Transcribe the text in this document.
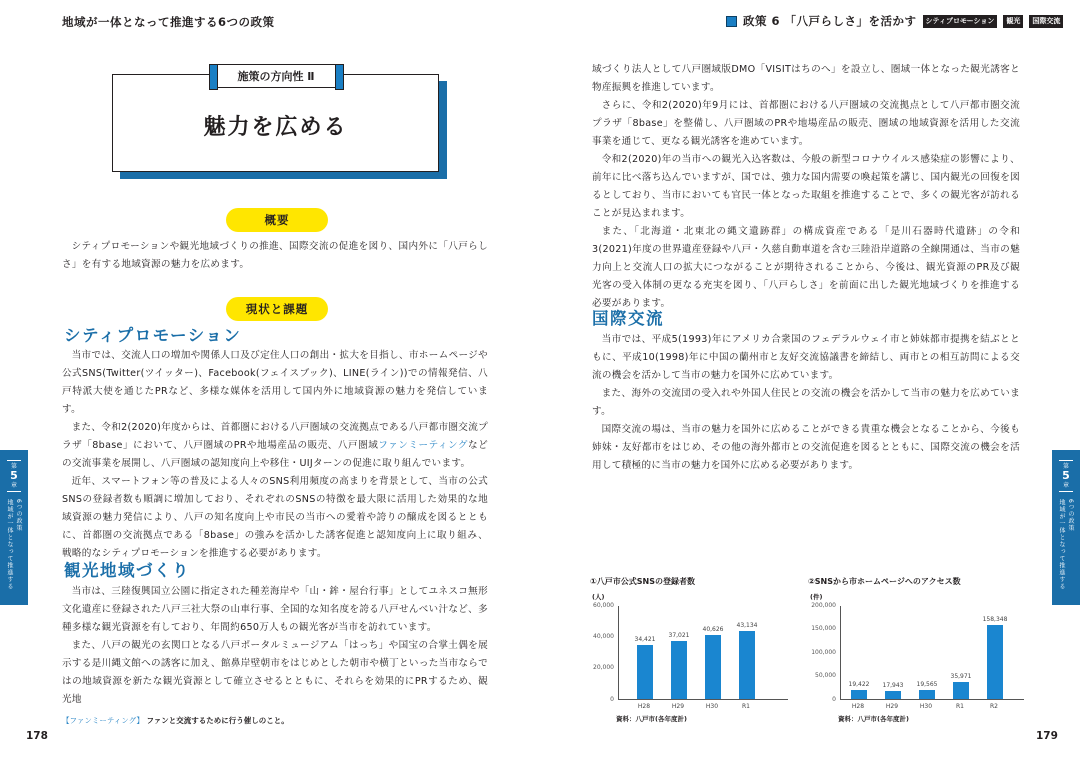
地域が一体となって推進する6つの政策
施策の方向性 Ⅱ
魅力を広める
概要

シティプロモーションや観光地域づくりの推進、国際交流の促進を図り、国内外に「八戸らしさ」を有する地域資源の魅力を広めます。

現状と課題
シティプロモーション

当市では、交流人口の増加や関係人口及び定住人口の創出・拡大を目指し、市ホームページや公式SNS(Twitter(ツイッター)、Facebook(フェイスブック)、LINE(ライン))での情報発信、八戸特派大使を通じたPRなど、多様な媒体を活用して国内外に地域資源の魅力を発信しています。

また、令和2(2020)年度からは、首都圏における八戸圏域の交流拠点である八戸都市圏交流プラザ「8base」において、八戸圏域のPRや地場産品の販売、八戸圏域ファンミーティングなどの交流事業を展開し、八戸圏域の認知度向上や移住・UIJターンの促進に取り組んでいます。

近年、スマートフォン等の普及による人々のSNS利用頻度の高まりを背景として、当市の公式SNSの登録者数も順調に増加しており、それぞれのSNSの特徴を最大限に活用した効果的な地域資源の魅力発信により、八戸の知名度向上や市民の当市への愛着や誇りの醸成を図るとともに、首都圏の交流拠点である「8base」の強みを活かした誘客促進と認知度向上に取り組み、戦略的なシティプロモーションを推進する必要があります。

観光地域づくり

当市は、三陸復興国立公園に指定された種差海岸や「山・鉾・屋台行事」としてユネスコ無形文化遺産に登録された八戸三社大祭の山車行事、全国的な知名度を誇る八戸せんべい汁など、多種多様な観光資源を有しており、年間約650万人もの観光客が当市を訪れています。

また、八戸の観光の玄関口となる八戸ポータルミュージアム「はっち」や国宝の合掌土偶を展示する是川縄文館への誘客に加え、館鼻岸壁朝市をはじめとした朝市や横丁といった当市ならではの地域資源を新たな観光資源として確立させるとともに、それらを効果的にPRするため、観光地

【ファンミーティング】 ファンと交流するために行う催しのこと。
178
第
5
章
地域が一体となって推進する 6つの政策
政策 6 「八戸らしさ」を活かす	シティプロモーション	観光	国際交流

域づくり法人として八戸圏域版DMO「VISITはちのへ」を設立し、圏域一体となった観光誘客と物産振興を推進しています。

さらに、令和2(2020)年9月には、首都圏における八戸圏域の交流拠点として八戸都市圏交流プラザ「8base」を整備し、八戸圏域のPRや地場産品の販売、圏域の地域資源を活用した交流事業を通じて、更なる観光誘客を進めています。

令和2(2020)年の当市への観光入込客数は、今般の新型コロナウイルス感染症の影響により、前年に比べ落ち込んでいますが、国では、強力な国内需要の喚起策を講じ、国内観光の回復を図るとしており、当市においても官民一体となった取組を推進することで、多くの観光客が訪れることが見込まれます。

また、「北海道・北東北の縄文遺跡群」の構成資産である「是川石器時代遺跡」の令和3(2021)年度の世界遺産登録や八戸・久慈自動車道を含む三陸沿岸道路の全線開通は、当市の魅力向上と交流人口の拡大につながることが期待されることから、今後は、観光資源のPR及び観光客の受入体制の更なる充実を図り、「八戸らしさ」を前面に出した観光地域づくりを推進する必要があります。

国際交流

当市では、平成5(1993)年にアメリカ合衆国のフェデラルウェイ市と姉妹都市提携を結ぶとともに、平成10(1998)年に中国の蘭州市と友好交流協議書を締結し、両市との相互訪問による交流の機会を活かして当市の魅力を国外に広めています。

また、海外の交流団の受入れや外国人住民との交流の機会を活かして当市の魅力を広めています。

国際交流の場は、当市の魅力を国外に広めることができる貴重な機会となることから、今後も姉妹・友好都市をはじめ、その他の海外都市との交流促進を図るとともに、国際交流の機会を活用して積極的に当市の魅力を国外に広める必要があります。

①八戸市公式SNSの登録者数
(人)
60,000
40,000
20,000
0
34,421
37,021
40,626
43,134
H28	H29	H30	R1
資料：八戸市(各年度計)
②SNSから市ホームページへのアクセス数
(件)
200,000
150,000
100,000
50,000
0
19,422	17,943	19,565
35,971
158,348
H28	H29	H30	R1	R2
資料：八戸市(各年度計)
179
第
5
章
地域が一体となって推進する 6つの政策
